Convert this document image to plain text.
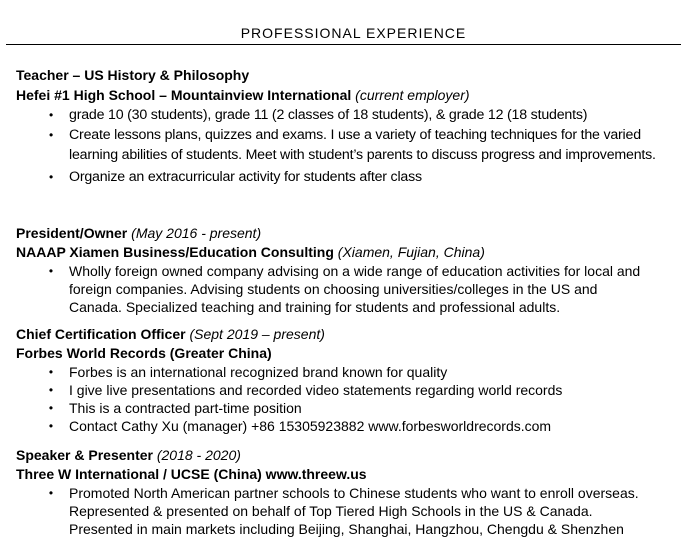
PROFESSIONAL EXPERIENCE
Teacher – US History & Philosophy
Hefei #1 High School – Mountainview International (current employer)
• grade 10 (30 students), grade 11 (2 classes of 18 students), & grade 12 (18 students)
• Create lessons plans, quizzes and exams. I use a variety of teaching techniques for the varied learning abilities of students. Meet with student’s parents to discuss progress and improvements.
• Organize an extracurricular activity for students after class
President/Owner (May 2016 - present)
NAAAP Xiamen Business/Education Consulting (Xiamen, Fujian, China)
• Wholly foreign owned company advising on a wide range of education activities for local and foreign companies. Advising students on choosing universities/colleges in the US and Canada. Specialized teaching and training for students and professional adults.
Chief Certification Officer (Sept 2019 – present)
Forbes World Records (Greater China)
• Forbes is an international recognized brand known for quality
• I give live presentations and recorded video statements regarding world records
• This is a contracted part-time position
• Contact Cathy Xu (manager) +86 15305923882 www.forbesworldrecords.com
Speaker & Presenter (2018 - 2020)
Three W International / UCSE (China) www.threew.us
• Promoted North American partner schools to Chinese students who want to enroll overseas. Represented & presented on behalf of Top Tiered High Schools in the US & Canada. Presented in main markets including Beijing, Shanghai, Hangzhou, Chengdu & Shenzhen
